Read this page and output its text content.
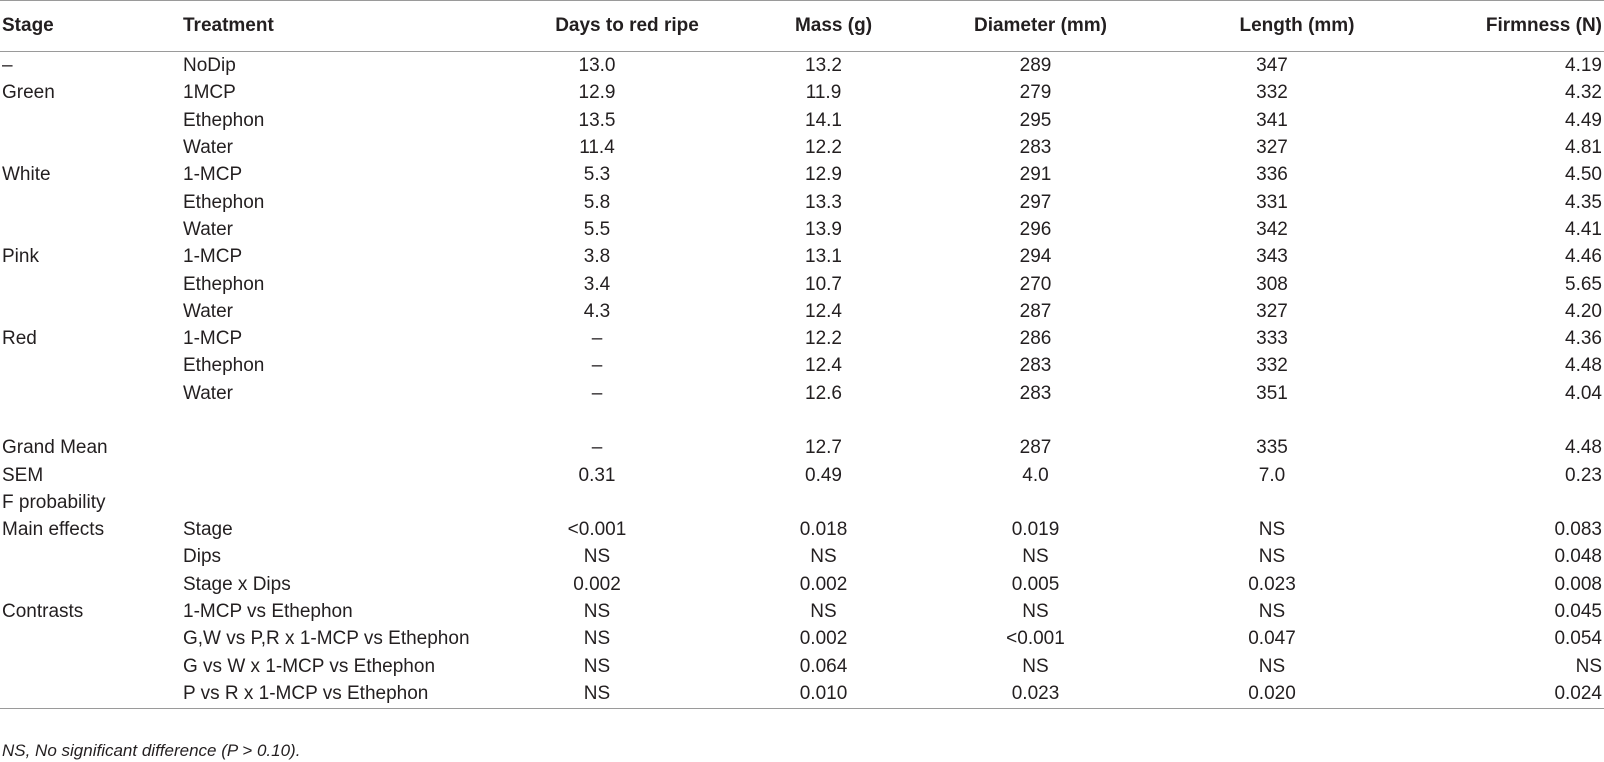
Stage	Treatment	Days to red ripe	Mass (g)	Diameter (mm)	Length (mm)	Firmness (N)
–	NoDip	13.0	13.2	289	347	4.19
Green	1MCP	12.9	11.9	279	332	4.32
	Ethephon	13.5	14.1	295	341	4.49
	Water	11.4	12.2	283	327	4.81
White	1-MCP	5.3	12.9	291	336	4.50
	Ethephon	5.8	13.3	297	331	4.35
	Water	5.5	13.9	296	342	4.41
Pink	1-MCP	3.8	13.1	294	343	4.46
	Ethephon	3.4	10.7	270	308	5.65
	Water	4.3	12.4	287	327	4.20
Red	1-MCP	–	12.2	286	333	4.36
	Ethephon	–	12.4	283	332	4.48
	Water	–	12.6	283	351	4.04

Grand Mean		–	12.7	287	335	4.48
SEM		0.31	0.49	4.0	7.0	0.23
F probability						
Main effects	Stage	<0.001	0.018	0.019	NS	0.083
	Dips	NS	NS	NS	NS	0.048
	Stage x Dips	0.002	0.002	0.005	0.023	0.008
Contrasts	1-MCP vs Ethephon	NS	NS	NS	NS	0.045
	G,W vs P,R x 1-MCP vs Ethephon	NS	0.002	<0.001	0.047	0.054
	G vs W x 1-MCP vs Ethephon	NS	0.064	NS	NS	NS
	P vs R x 1-MCP vs Ethephon	NS	0.010	0.023	0.020	0.024
NS, No significant difference (P > 0.10).
